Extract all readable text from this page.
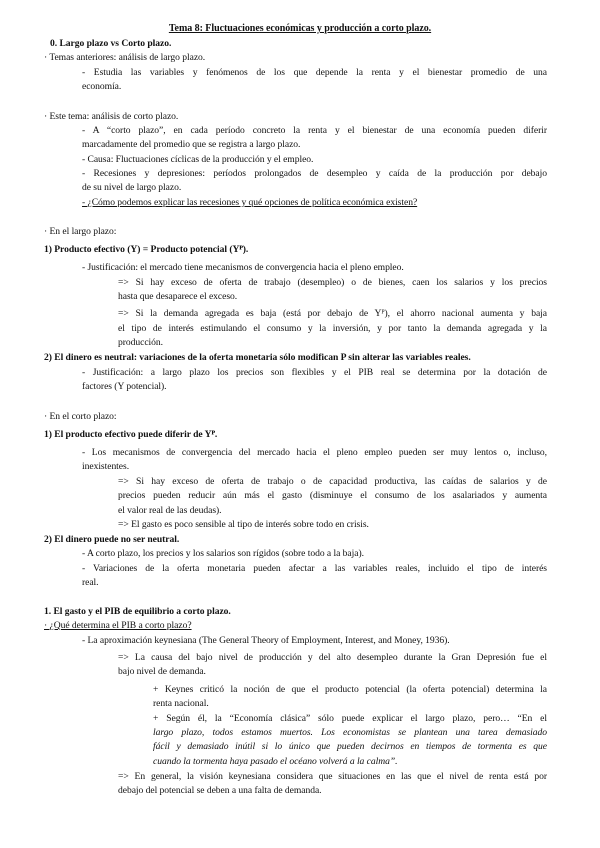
Tema 8: Fluctuaciones económicas y producción a corto plazo.
0. Largo plazo vs Corto plazo.
· Temas anteriores: análisis de largo plazo.
- Estudia las variables y fenómenos de los que depende la renta y el bienestar promedio de una
economía.
· Este tema: análisis de corto plazo.
- A “corto plazo”, en cada período concreto la renta y el bienestar de una economía pueden diferir
marcadamente del promedio que se registra a largo plazo.
- Causa: Fluctuaciones cíclicas de la producción y el empleo.
- Recesiones y depresiones: períodos prolongados de desempleo y caída de la producción por debajo
de su nivel de largo plazo.
- ¿Cómo podemos explicar las recesiones y qué opciones de política económica existen?
· En el largo plazo:
1) Producto efectivo (Y) = Producto potencial (Yᴾ).
- Justificación: el mercado tiene mecanismos de convergencia hacia el pleno empleo.
=> Si hay exceso de oferta de trabajo (desempleo) o de bienes, caen los salarios y los precios
hasta que desaparece el exceso.
=> Si la demanda agregada es baja (está por debajo de Yᴾ), el ahorro nacional aumenta y baja
el tipo de interés estimulando el consumo y la inversión, y por tanto la demanda agregada y la
producción.
2) El dinero es neutral: variaciones de la oferta monetaria sólo modifican P sin alterar las variables reales.
- Justificación: a largo plazo los precios son flexibles y el PIB real se determina por la dotación de
factores (Y potencial).
· En el corto plazo:
1) El producto efectivo puede diferir de Yᴾ.
- Los mecanismos de convergencia del mercado hacia el pleno empleo pueden ser muy lentos o, incluso,
inexistentes.
=> Si hay exceso de oferta de trabajo o de capacidad productiva, las caídas de salarios y de
precios pueden reducir aún más el gasto (disminuye el consumo de los asalariados y aumenta
el valor real de las deudas).
=> El gasto es poco sensible al tipo de interés sobre todo en crisis.
2) El dinero puede no ser neutral.
- A corto plazo, los precios y los salarios son rígidos (sobre todo a la baja).
- Variaciones de la oferta monetaria pueden afectar a las variables reales, incluido el tipo de interés
real.
1. El gasto y el PIB de equilibrio a corto plazo.
· ¿Qué determina el PIB a corto plazo?
- La aproximación keynesiana (The General Theory of Employment, Interest, and Money, 1936).
=> La causa del bajo nivel de producción y del alto desempleo durante la Gran Depresión fue el
bajo nivel de demanda.
+ Keynes criticó la noción de que el producto potencial (la oferta potencial) determina la
renta nacional.
+ Según él, la “Economía clásica” sólo puede explicar el largo plazo, pero… “En el
largo plazo, todos estamos muertos. Los economistas se plantean una tarea demasiado
fácil y demasiado inútil si lo único que pueden decirnos en tiempos de tormenta es que
cuando la tormenta haya pasado el océano volverá a la calma”.
=> En general, la visión keynesiana considera que situaciones en las que el nivel de renta está por
debajo del potencial se deben a una falta de demanda.
